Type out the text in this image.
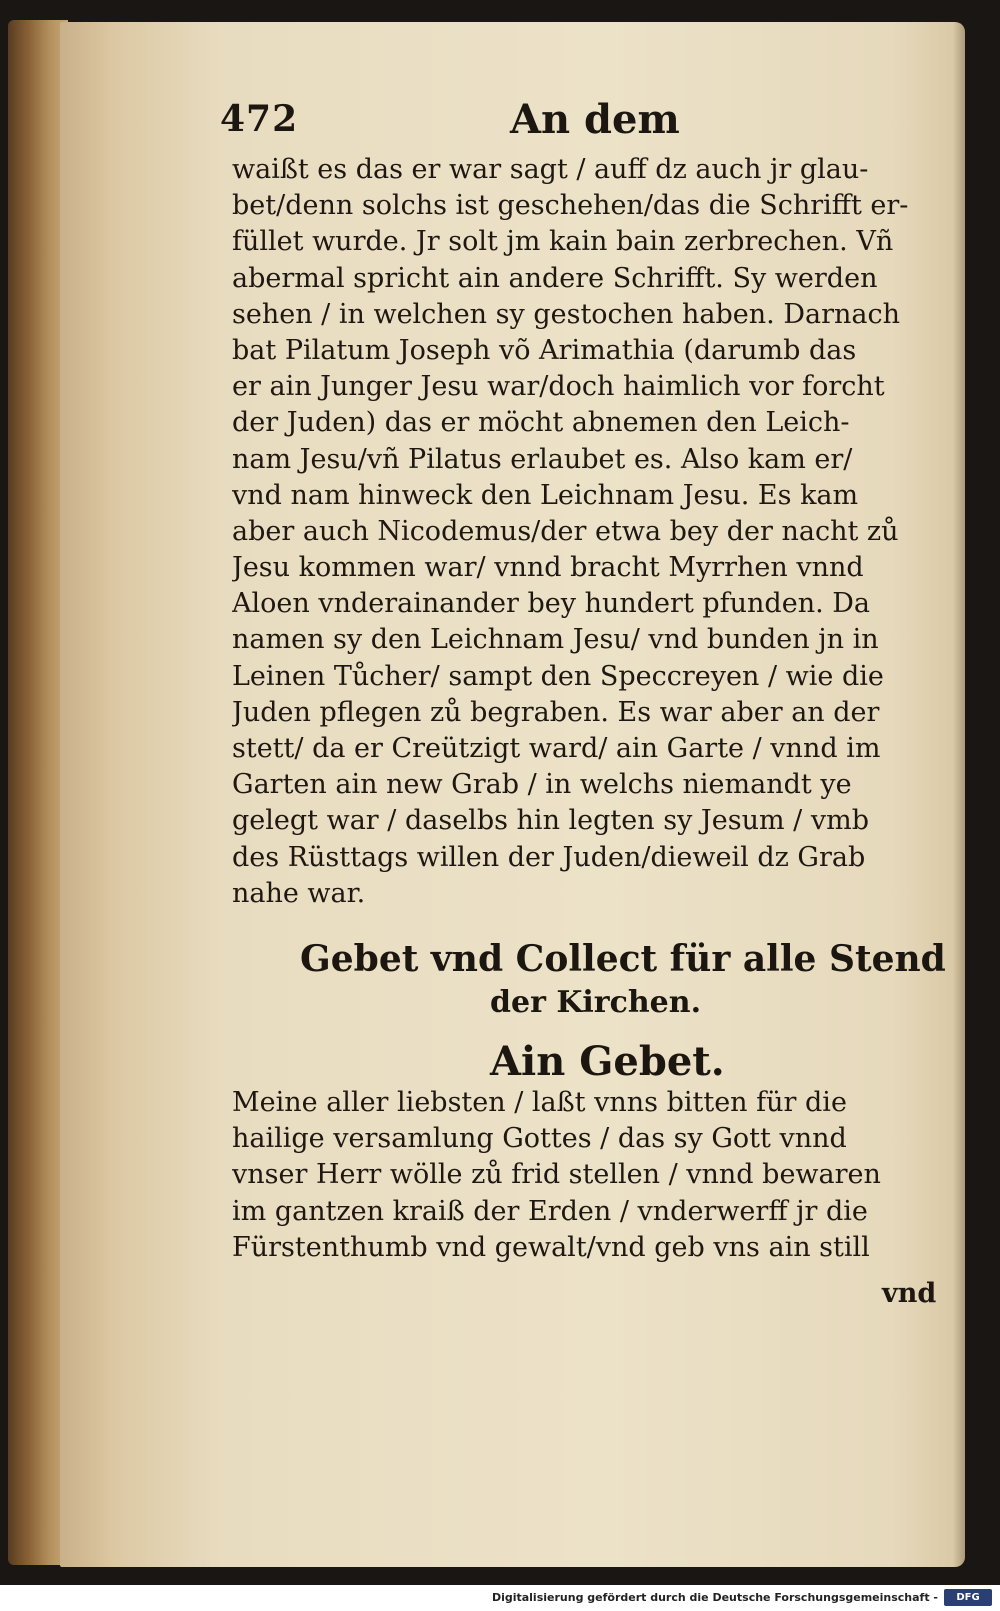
472	An dem
waißt es das er war sagt / auff dz auch jr glau-
bet/denn solchs ist geschehen/das die Schrifft er-
füllet wurde. Jr solt jm kain bain zerbrechen. Vñ
abermal spricht ain andere Schrifft. Sy werden
sehen / in welchen sy gestochen haben. Darnach
bat Pilatum Joseph võ Arimathia (darumb das
er ain Junger Jesu war/doch haimlich vor forcht
der Juden) das er möcht abnemen den Leich-
nam Jesu/vñ Pilatus erlaubet es. Also kam er/
vnd nam hinweck den Leichnam Jesu. Es kam
aber auch Nicodemus/der etwa bey der nacht zů
Jesu kommen war/ vnnd bracht Myrrhen vnnd
Aloen vnderainander bey hundert pfunden. Da
namen sy den Leichnam Jesu/ vnd bunden jn in
Leinen Tůcher/ sampt den Speccreyen / wie die
Juden pflegen zů begraben. Es war aber an der
stett/ da er Creützigt ward/ ain Garte / vnnd im
Garten ain new Grab / in welchs niemandt ye
gelegt war / daselbs hin legten sy Jesum / vmb
des Rüsttags willen der Juden/dieweil dz Grab
nahe war.
Gebet vnd Collect für alle Stend
der Kirchen.
Ain Gebet.
Meine aller liebsten / laßt vnns bitten für die
hailige versamlung Gottes / das sy Gott vnnd
vnser Herr wölle zů frid stellen / vnnd bewaren
im gantzen kraiß der Erden / vnderwerff jr die
Fürstenthumb vnd gewalt/vnd geb vns ain still
vnd
Digitalisierung gefördert durch die Deutsche Forschungsgemeinschaft -	DFG
